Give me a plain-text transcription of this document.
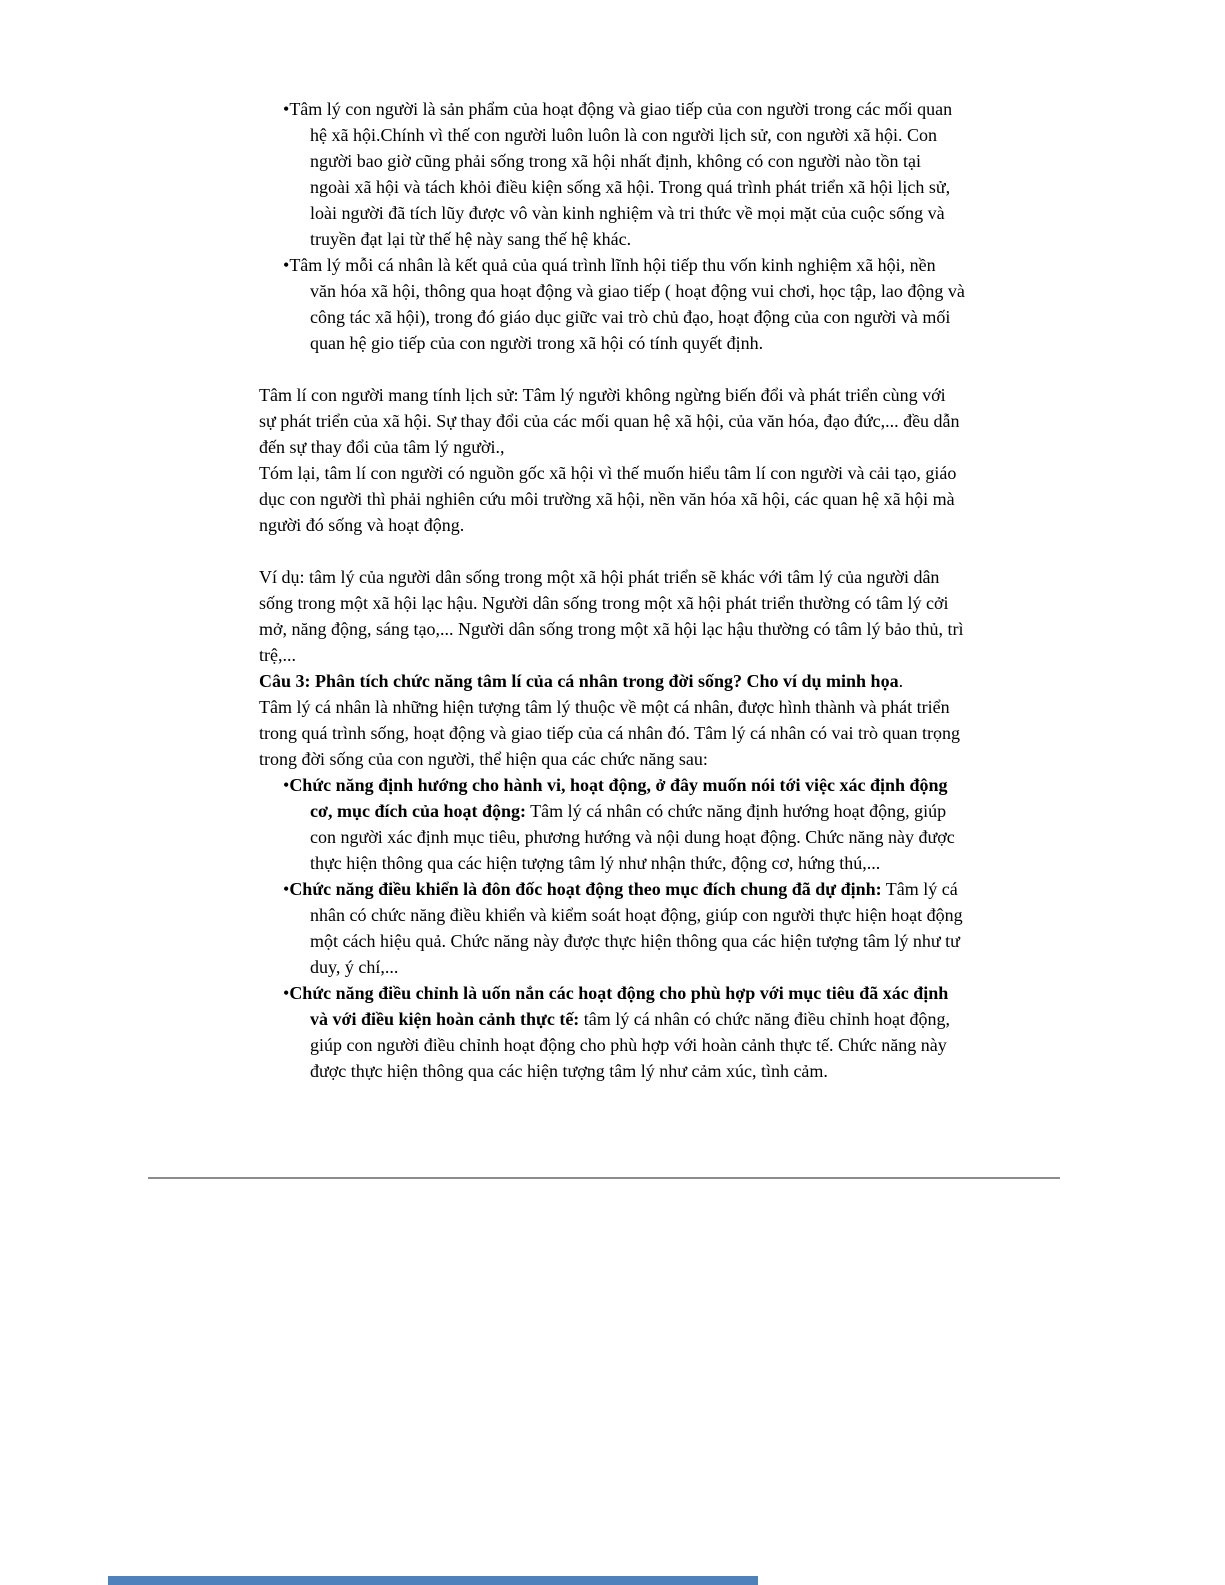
•Tâm lý con người là sản phẩm của hoạt động và giao tiếp của con người trong các mối quan hệ xã hội.Chính vì thế con người luôn luôn là con người lịch sử, con người xã hội. Con người bao giờ cũng phải sống trong xã hội nhất định, không có con người nào tồn tại ngoài xã hội và tách khỏi điều kiện sống xã hội. Trong quá trình phát triển xã hội lịch sử, loài người đã tích lũy được vô vàn kinh nghiệm và tri thức về mọi mặt của cuộc sống và truyền đạt lại từ thế hệ này sang thế hệ khác.
•Tâm lý mỗi cá nhân là kết quả của quá trình lĩnh hội tiếp thu vốn kinh nghiệm xã hội, nền văn hóa xã hội, thông qua hoạt động và giao tiếp ( hoạt động vui chơi, học tập, lao động và công tác xã hội), trong đó giáo dục giữc vai trò chủ đạo, hoạt động của con người và mối quan hệ gio tiếp của con người trong xã hội có tính quyết định.

Tâm lí con người mang tính lịch sử: Tâm lý người không ngừng biến đổi và phát triển cùng với sự phát triển của xã hội. Sự thay đổi của các mối quan hệ xã hội, của văn hóa, đạo đức,... đều dẫn đến sự thay đổi của tâm lý người.,

Tóm lại, tâm lí con người có nguồn gốc xã hội vì thế muốn hiểu tâm lí con người và cải tạo, giáo dục con người thì phải nghiên cứu môi trường xã hội, nền văn hóa xã hội, các quan hệ xã hội mà người đó sống và hoạt động.

Ví dụ: tâm lý của người dân sống trong một xã hội phát triển sẽ khác với tâm lý của người dân sống trong một xã hội lạc hậu. Người dân sống trong một xã hội phát triển thường có tâm lý cởi mở, năng động, sáng tạo,... Người dân sống trong một xã hội lạc hậu thường có tâm lý bảo thủ, trì trệ,...

Câu 3: Phân tích chức năng tâm lí của cá nhân trong đời sống? Cho ví dụ minh họa.

Tâm lý cá nhân là những hiện tượng tâm lý thuộc về một cá nhân, được hình thành và phát triển trong quá trình sống, hoạt động và giao tiếp của cá nhân đó. Tâm lý cá nhân có vai trò quan trọng trong đời sống của con người, thể hiện qua các chức năng sau:

•Chức năng định hướng cho hành vi, hoạt động, ở đây muốn nói tới việc xác định động cơ, mục đích của hoạt động: Tâm lý cá nhân có chức năng định hướng hoạt động, giúp con người xác định mục tiêu, phương hướng và nội dung hoạt động. Chức năng này được thực hiện thông qua các hiện tượng tâm lý như nhận thức, động cơ, hứng thú,...
•Chức năng điều khiển là đôn đốc hoạt động theo mục đích chung đã dự định: Tâm lý cá nhân có chức năng điều khiển và kiểm soát hoạt động, giúp con người thực hiện hoạt động một cách hiệu quả. Chức năng này được thực hiện thông qua các hiện tượng tâm lý như tư duy, ý chí,...
•Chức năng điều chỉnh là uốn nắn các hoạt động cho phù hợp với mục tiêu đã xác định và với điều kiện hoàn cảnh thực tế: tâm lý cá nhân có chức năng điều chỉnh hoạt động, giúp con người điều chỉnh hoạt động cho phù hợp với hoàn cảnh thực tế. Chức năng này được thực hiện thông qua các hiện tượng tâm lý như cảm xúc, tình cảm.
